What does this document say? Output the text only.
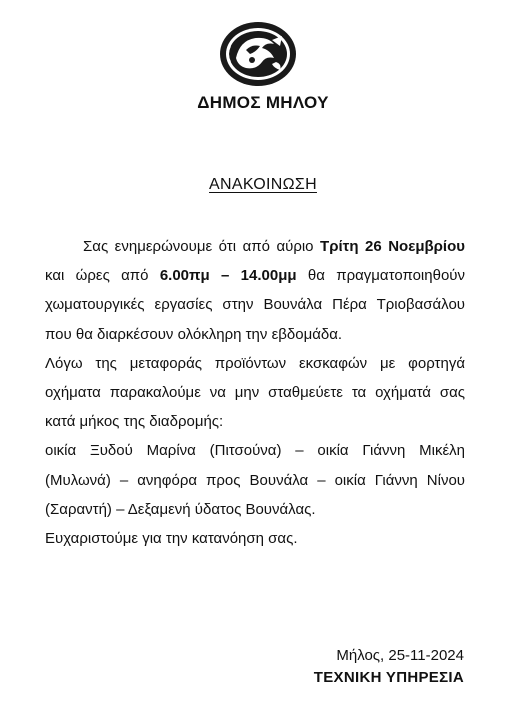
ΔΗΜΟΣ ΜΗΛΟΥ
ΑΝΑΚΟΙΝΩΣΗ

Σας ενημερώνουμε ότι από αύριο Τρίτη 26 Νοεμβρίου και ώρες από 6.00πμ – 14.00μμ θα πραγματοποιηθούν χωματουργικές εργασίες στην Βουνάλα Πέρα Τριοβασάλου που θα διαρκέσουν ολόκληρη την εβδομάδα.

Λόγω της μεταφοράς προϊόντων εκσκαφών με φορτηγά οχήματα παρακαλούμε να μην σταθμεύετε τα οχήματά σας κατά μήκος της διαδρομής:

οικία Ξυδού Μαρίνα (Πιτσούνα) – οικία Γιάννη Μικέλη (Μυλωνά) – ανηφόρα προς Βουνάλα – οικία Γιάννη Νίνου (Σαραντή) – Δεξαμενή ύδατος Βουνάλας.

Ευχαριστούμε για την κατανόηση σας.

Μήλος, 25-11-2024
ΤΕΧΝΙΚΗ ΥΠΗΡΕΣΙΑ
